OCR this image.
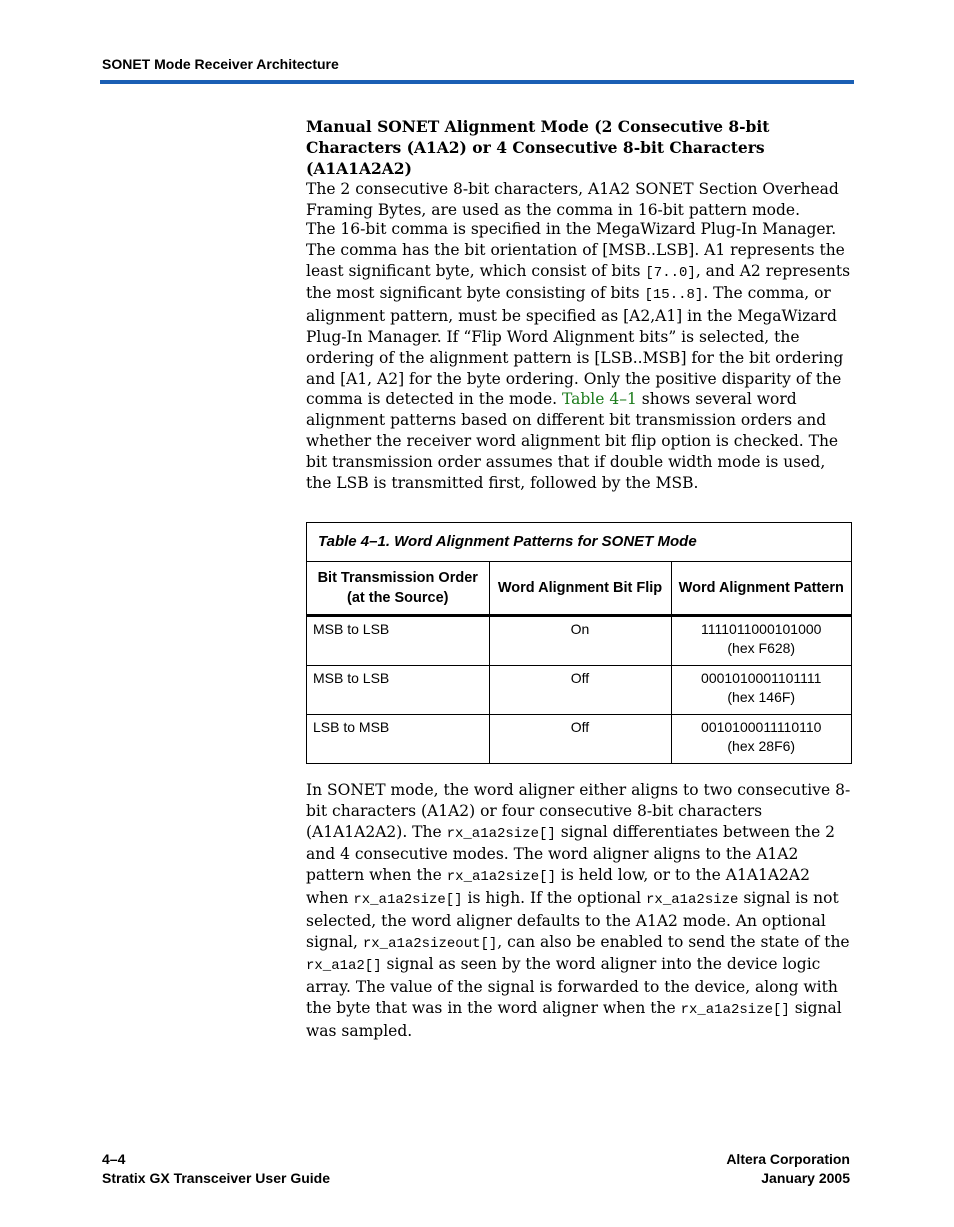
SONET Mode Receiver Architecture
Manual SONET Alignment Mode (2 Consecutive 8-bit Characters (A1A2) or 4 Consecutive 8-bit Characters (A1A1A2A2)

The 2 consecutive 8-bit characters, A1A2 SONET Section Overhead Framing Bytes, are used as the comma in 16-bit pattern mode.

The 16-bit comma is specified in the MegaWizard Plug-In Manager. The comma has the bit orientation of [MSB..LSB]. A1 represents the least significant byte, which consist of bits [7..0], and A2 represents the most significant byte consisting of bits [15..8]. The comma, or alignment pattern, must be specified as [A2,A1] in the MegaWizard Plug-In Manager. If “Flip Word Alignment bits” is selected, the ordering of the alignment pattern is [LSB..MSB] for the bit ordering and [A1, A2] for the byte ordering. Only the positive disparity of the comma is detected in the mode. Table 4–1 shows several word alignment patterns based on different bit transmission orders and whether the receiver word alignment bit flip option is checked. The bit transmission order assumes that if double width mode is used, the LSB is transmitted first, followed by the MSB.

Table 4–1. Word Alignment Patterns for SONET Mode
Bit Transmission Order (at the Source)	Word Alignment Bit Flip	Word Alignment Pattern
MSB to LSB	On	1111011000101000
(hex F628)

MSB to LSB	Off	0001010001101111
(hex 146F)

LSB to MSB	Off	0010100011110110
(hex 28F6)

In SONET mode, the word aligner either aligns to two consecutive 8-bit characters (A1A2) or four consecutive 8-bit characters (A1A1A2A2). The rx_a1a2size[] signal differentiates between the 2 and 4 consecutive modes. The word aligner aligns to the A1A2 pattern when the rx_a1a2size[] is held low, or to the A1A1A2A2 when rx_a1a2size[] is high. If the optional rx_a1a2size signal is not selected, the word aligner defaults to the A1A2 mode. An optional signal, rx_a1a2sizeout[], can also be enabled to send the state of the rx_a1a2[] signal as seen by the word aligner into the device logic array. The value of the signal is forwarded to the device, along with the byte that was in the word aligner when the rx_a1a2size[] signal was sampled.

4–4
Stratix GX Transceiver User Guide
Altera Corporation
January 2005
